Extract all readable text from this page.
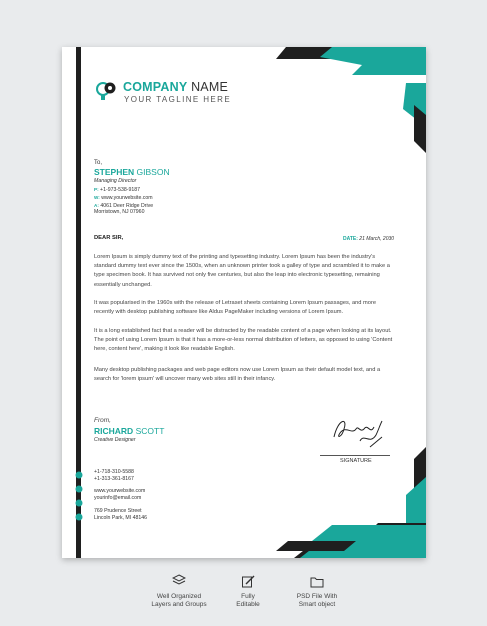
COMPANY NAME
YOUR TAGLINE HERE
To,
STEPHEN GIBSON
Managing Director
P: +1-973-538-9187
W: www.yourwebsite.com
A: 4061 Deer Ridge Drive
Morristown, NJ 07960
DEAR SIR,	DATE: 21 March, 2030
Lorem Ipsum is simply dummy text of the printing and typesetting industry. Lorem Ipsum has been the industry's standard dummy text ever since the 1500s, when an unknown printer took a galley of type and scrambled it to make a type specimen book. It has survived not only five centuries, but also the leap into electronic typesetting, remaining essentially unchanged.
It was popularised in the 1960s with the release of Letraset sheets containing Lorem Ipsum passages, and more recently with desktop publishing software like Aldus PageMaker including versions of Lorem Ipsum.
It is a long established fact that a reader will be distracted by the readable content of a page when looking at its layout. The point of using Lorem Ipsum is that it has a more-or-less normal distribution of letters, as opposed to using 'Content here, content here', making it look like readable English.
Many desktop publishing packages and web page editors now use Lorem Ipsum as their default model text, and a search for 'lorem ipsum' will uncover many web sites still in their infancy.
From,
RICHARD SCOTT
Creative Designer
SIGNATURE
+1-718-310-5588
+1-313-361-8167
www.yourwebsite.com
yourinfo@email.com
769 Prudence Street
Lincoln Park, MI 48146
Well Organized
Layers and Groups
Fully
Editable
PSD File With
Smart object
